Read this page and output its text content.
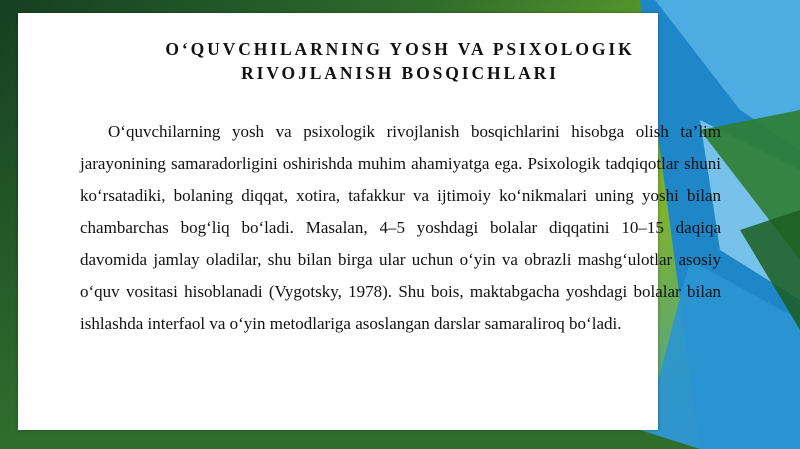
O‘QUVCHILARNING YOSH VA PSIXOLOGIK
RIVOJLANISH BOSQICHLARI
O‘quvchilarning yosh va psixologik rivojlanish bosqichlarini hisobga olish ta’lim jarayonining samaradorligini oshirishda muhim ahamiyatga ega. Psixologik tadqiqotlar shuni ko‘rsatadiki, bolaning diqqat, xotira, tafakkur va ijtimoiy ko‘nikmalari uning yoshi bilan chambarchas bog‘liq bo‘ladi. Masalan, 4–5 yoshdagi bolalar diqqatini 10–15 daqiqa davomida jamlay oladilar, shu bilan birga ular uchun o‘yin va obrazli mashg‘ulotlar asosiy o‘quv vositasi hisoblanadi (Vygotsky, 1978). Shu bois, maktabgacha yoshdagi bolalar bilan ishlashda interfaol va o‘yin metodlariga asoslangan darslar samaraliroq bo‘ladi.
